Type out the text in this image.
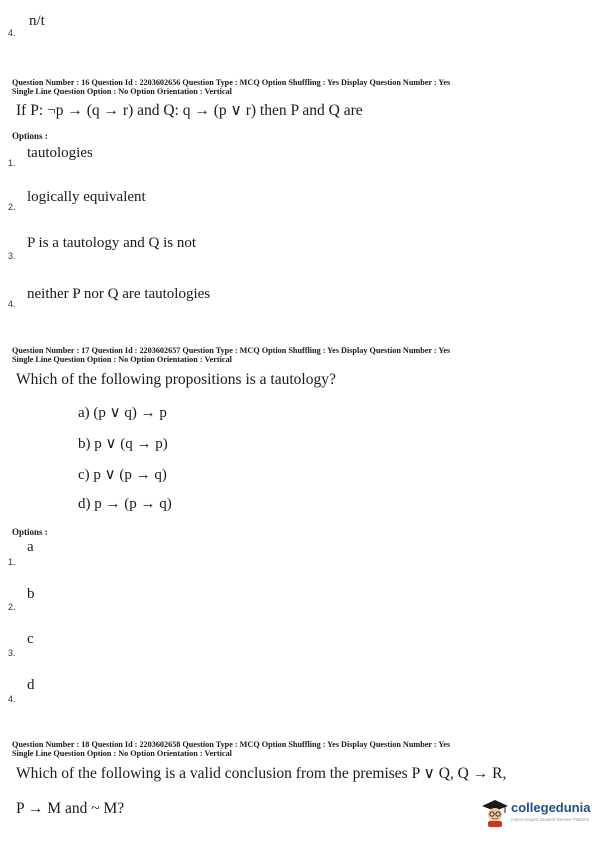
4.
n/t
Question Number : 16 Question Id : 2203602656 Question Type : MCQ Option Shuffling : Yes Display Question Number : Yes
Single Line Question Option : No Option Orientation : Vertical
If P: ¬p → (q → r) and Q: q → (p ∨ r) then P and Q are
Options :
1.
tautologies
2.
logically equivalent
3.
P is a tautology and Q is not
4.
neither P nor Q are tautologies
Question Number : 17 Question Id : 2203602657 Question Type : MCQ Option Shuffling : Yes Display Question Number : Yes
Single Line Question Option : No Option Orientation : Vertical
Which of the following propositions is a tautology?
a) (p ∨ q) → p
b) p ∨ (q → p)
c) p ∨ (p → q)
d) p → (p → q)
Options :
1.
a
2.
b
3.
c
4.
d
Question Number : 18 Question Id : 2203602658 Question Type : MCQ Option Shuffling : Yes Display Question Number : Yes
Single Line Question Option : No Option Orientation : Vertical
Which of the following is a valid conclusion from the premises P ∨ Q, Q → R,
P → M and ~ M?	collegedunia
India's largest Student Review Platform
